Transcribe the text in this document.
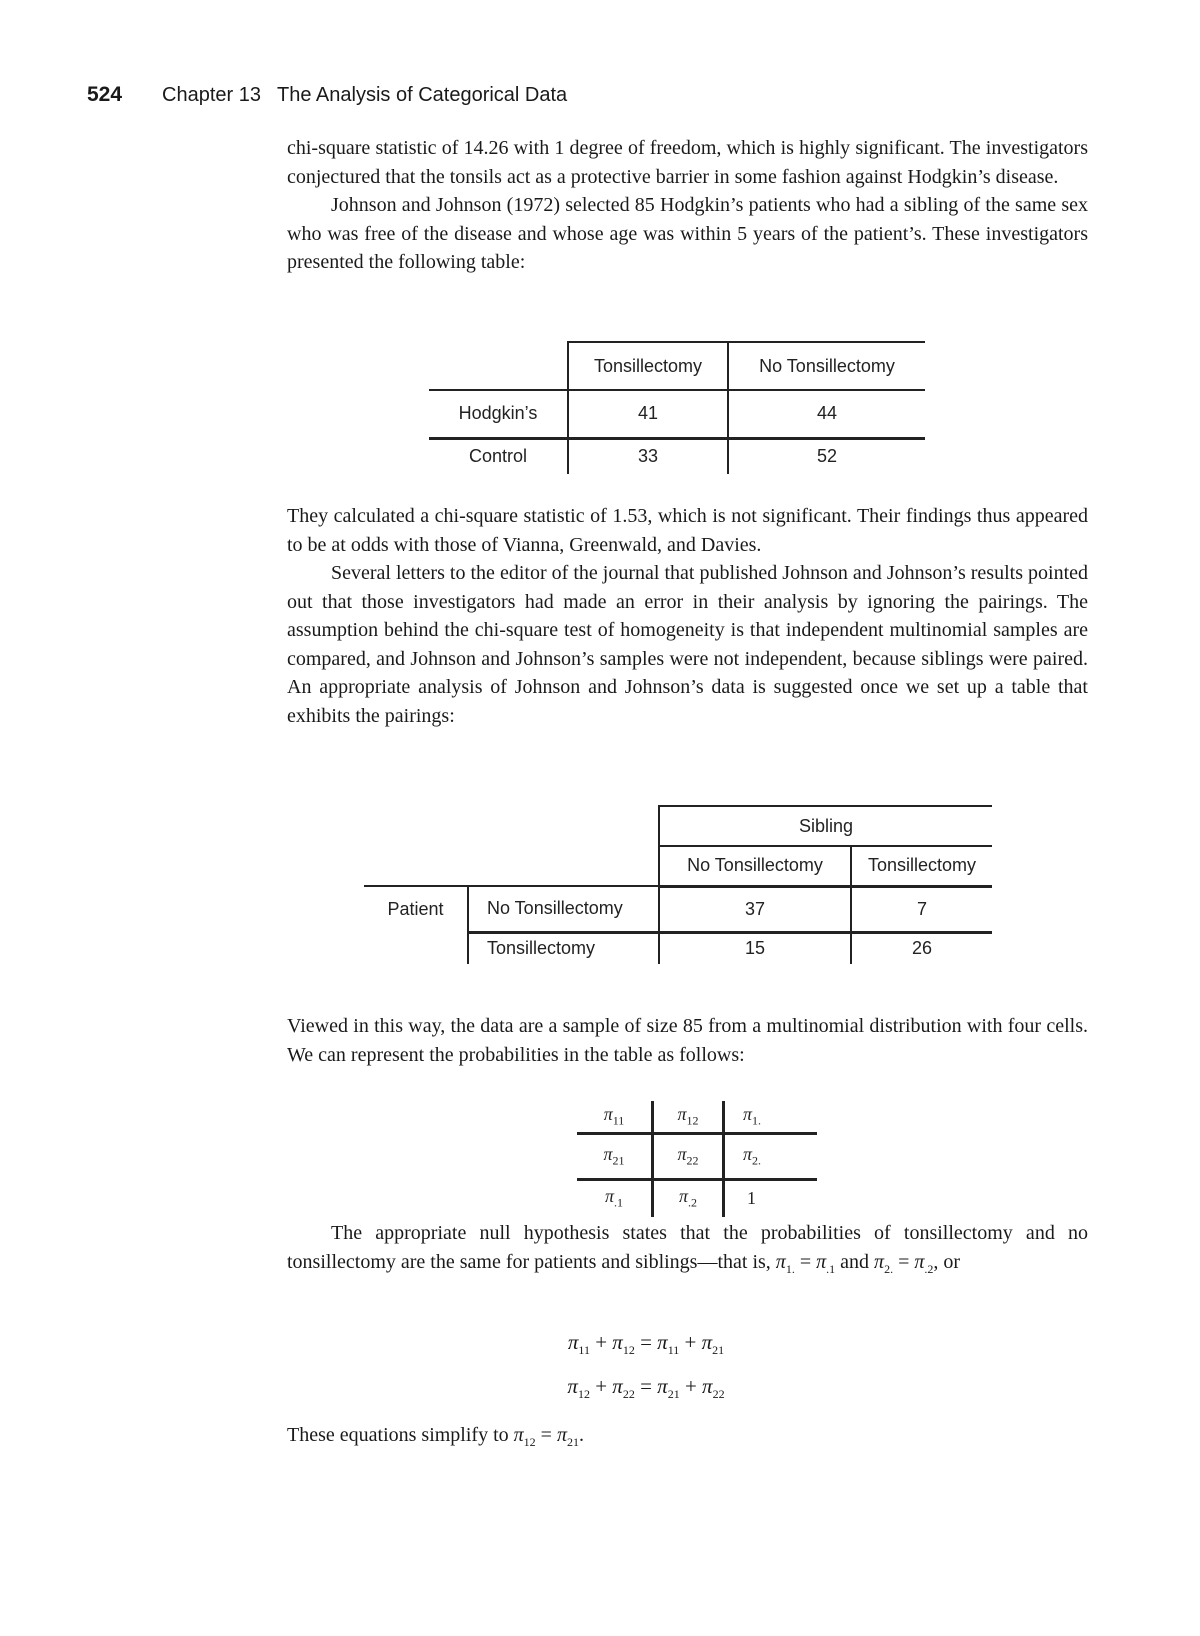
524 Chapter 13 The Analysis of Categorical Data

chi-square statistic of 14.26 with 1 degree of freedom, which is highly significant. The investigators conjectured that the tonsils act as a protective barrier in some fashion against Hodgkin’s disease.

Johnson and Johnson (1972) selected 85 Hodgkin’s patients who had a sibling of the same sex who was free of the disease and whose age was within 5 years of the patient’s. These investigators presented the following table:

	Tonsillectomy	No Tonsillectomy
Hodgkin’s	41	44
Control	33	52

They calculated a chi-square statistic of 1.53, which is not significant. Their findings thus appeared to be at odds with those of Vianna, Greenwald, and Davies.

Several letters to the editor of the journal that published Johnson and Johnson’s results pointed out that those investigators had made an error in their analysis by ignoring the pairings. The assumption behind the chi-square test of homogeneity is that independent multinomial samples are compared, and Johnson and Johnson’s samples were not independent, because siblings were paired. An appropriate analysis of Johnson and Johnson’s data is suggested once we set up a table that exhibits the pairings:

		Sibling	
		No Tonsillectomy	Tonsillectomy
Patient	No Tonsillectomy	37	7
	Tonsillectomy	15	26

Viewed in this way, the data are a sample of size 85 from a multinomial distribution with four cells. We can represent the probabilities in the table as follows:

$\pi_{11}$	$\pi_{12}$	$\pi_{1.}$
$\pi_{21}$	$\pi_{22}$	$\pi_{2.}$
$\pi_{.1}$	$\pi_{.2}$	1

The appropriate null hypothesis states that the probabilities of tonsillectomy and no tonsillectomy are the same for patients and siblings—that is, $\pi_{1.} = \pi_{.1}$ and $\pi_{2.} = \pi_{.2}$, or

$\pi_{11} + \pi_{12} = \pi_{11} + \pi_{21}$
$\pi_{12} + \pi_{22} = \pi_{21} + \pi_{22}$

These equations simplify to $\pi_{12} = \pi_{21}$.
